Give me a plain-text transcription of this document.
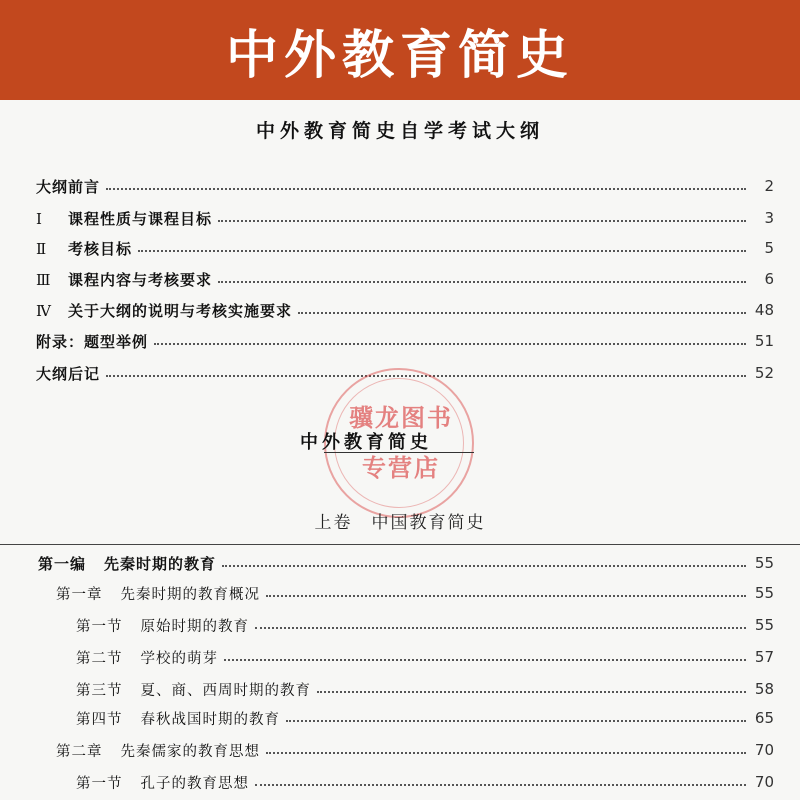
中外教育简史
中外教育简史自学考试大纲
大纲前言	2
Ⅰ 课程性质与课程目标	3
Ⅱ 考核目标	5
Ⅲ 课程内容与考核要求	6
Ⅳ 关于大纲的说明与考核实施要求	48
附录：题型举例	51
大纲后记	52
骥龙图书
专营店
中外教育简史
上卷　中国教育简史
第一编 先秦时期的教育	55
第一章 先秦时期的教育概况	55
第一节 原始时期的教育	55
第二节 学校的萌芽	57
第三节 夏、商、西周时期的教育	58
第四节 春秋战国时期的教育	65
第二章 先秦儒家的教育思想	70
第一节 孔子的教育思想	70
